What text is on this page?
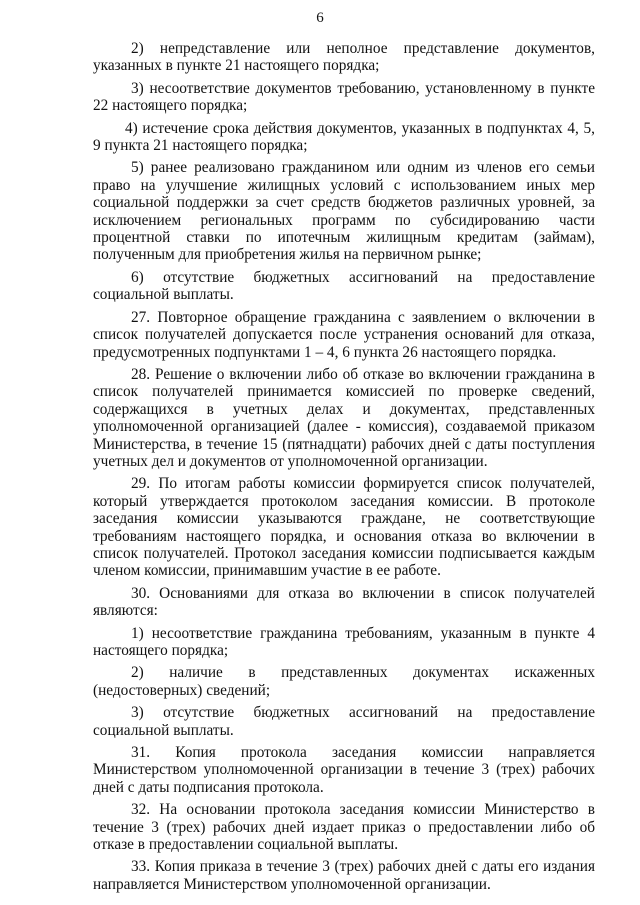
6

2) непредставление или неполное представление документов, указанных в пункте 21 настоящего порядка;

3) несоответствие документов требованию, установленному в пункте 22 настоящего порядка;

4) истечение срока действия документов, указанных в подпунктах 4, 5, 9 пункта 21 настоящего порядка;

5) ранее реализовано гражданином или одним из членов его семьи право на улучшение жилищных условий с использованием иных мер социальной поддержки за счет средств бюджетов различных уровней, за исключением региональных программ по субсидированию части процентной ставки по ипотечным жилищным кредитам (займам), полученным для приобретения жилья на первичном рынке;

6) отсутствие бюджетных ассигнований на предоставление социальной выплаты.

27. Повторное обращение гражданина с заявлением о включении в список получателей допускается после устранения оснований для отказа, предусмотренных подпунктами 1 – 4, 6 пункта 26 настоящего порядка.

28. Решение о включении либо об отказе во включении гражданина в список получателей принимается комиссией по проверке сведений, содержащихся в учетных делах и документах, представленных уполномоченной организацией (далее - комиссия), создаваемой приказом Министерства, в течение 15 (пятнадцати) рабочих дней с даты поступления учетных дел и документов от уполномоченной организации.

29. По итогам работы комиссии формируется список получателей, который утверждается протоколом заседания комиссии. В протоколе заседания комиссии указываются граждане, не соответствующие требованиям настоящего порядка, и основания отказа во включении в список получателей. Протокол заседания комиссии подписывается каждым членом комиссии, принимавшим участие в ее работе.

30. Основаниями для отказа во включении в список получателей являются:

1) несоответствие гражданина требованиям, указанным в пункте 4 настоящего порядка;

2) наличие в представленных документах искаженных (недостоверных) сведений;

3) отсутствие бюджетных ассигнований на предоставление социальной выплаты.

31. Копия протокола заседания комиссии направляется Министерством уполномоченной организации в течение 3 (трех) рабочих дней с даты подписания протокола.

32. На основании протокола заседания комиссии Министерство в течение 3 (трех) рабочих дней издает приказ о предоставлении либо об отказе в предоставлении социальной выплаты.

33. Копия приказа в течение 3 (трех) рабочих дней с даты его издания направляется Министерством уполномоченной организации.
